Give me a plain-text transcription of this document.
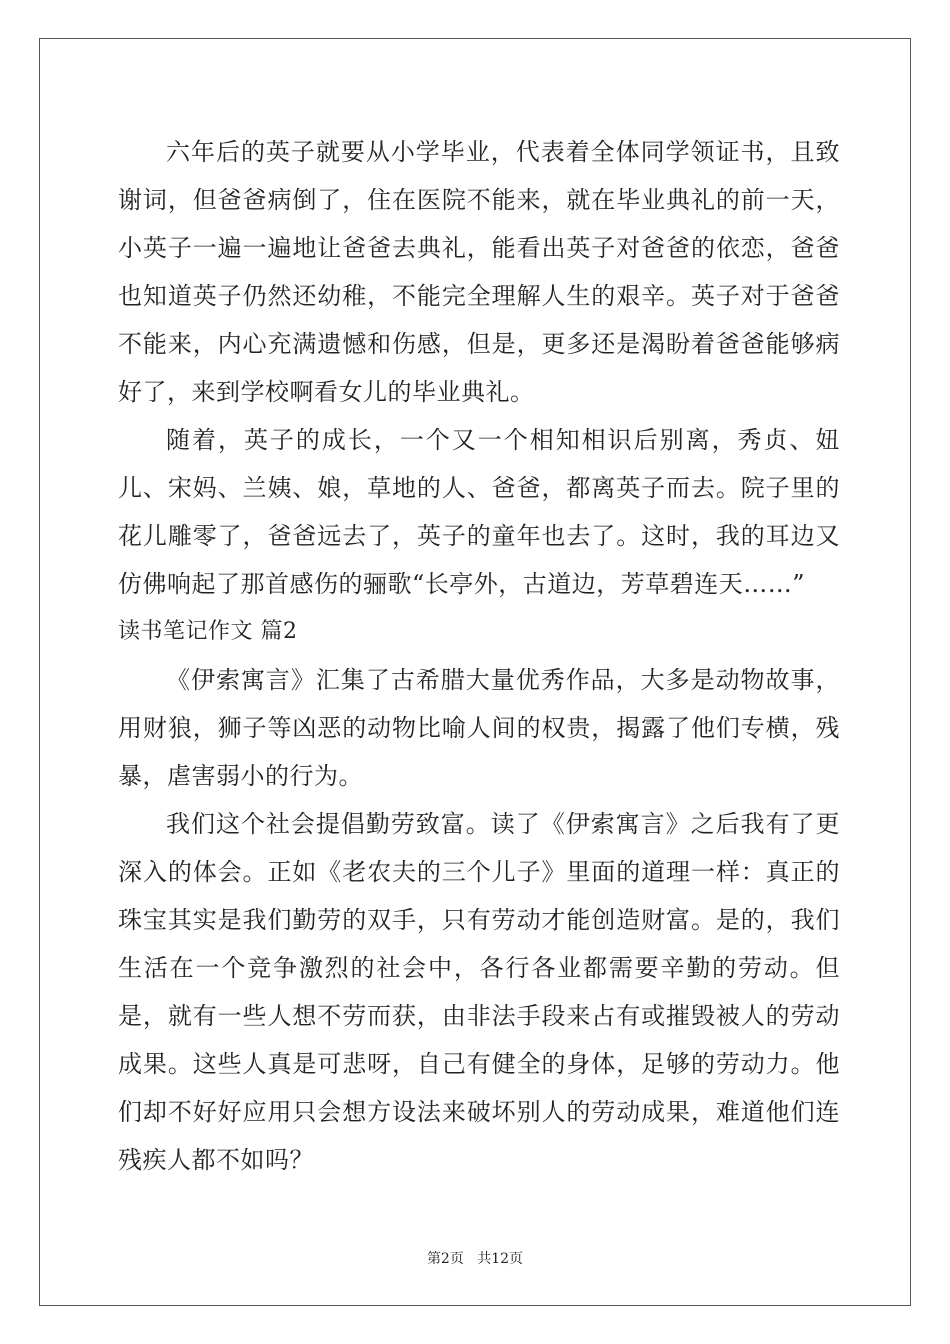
六年后的英子就要从小学毕业，代表着全体同学领证书，且致谢词，但爸爸病倒了，住在医院不能来，就在毕业典礼的前一天，小英子一遍一遍地让爸爸去典礼，能看出英子对爸爸的依恋，爸爸也知道英子仍然还幼稚，不能完全理解人生的艰辛。英子对于爸爸不能来，内心充满遗憾和伤感，但是，更多还是渴盼着爸爸能够病好了，来到学校啊看女儿的毕业典礼。

随着，英子的成长，一个又一个相知相识后别离，秀贞、妞儿、宋妈、兰姨、娘，草地的人、爸爸，都离英子而去。院子里的花儿雕零了，爸爸远去了，英子的童年也去了。这时，我的耳边又仿佛响起了那首感伤的骊歌“长亭外，古道边，芳草碧连天……”

读书笔记作文 篇2

《伊索寓言》汇集了古希腊大量优秀作品，大多是动物故事，用财狼，狮子等凶恶的动物比喻人间的权贵，揭露了他们专横，残暴，虐害弱小的行为。

我们这个社会提倡勤劳致富。读了《伊索寓言》之后我有了更深入的体会。正如《老农夫的三个儿子》里面的道理一样：真正的珠宝其实是我们勤劳的双手，只有劳动才能创造财富。是的，我们生活在一个竞争激烈的社会中，各行各业都需要辛勤的劳动。但是，就有一些人想不劳而获，由非法手段来占有或摧毁被人的劳动成果。这些人真是可悲呀，自己有健全的身体，足够的劳动力。他们却不好好应用只会想方设法来破坏别人的劳动成果，难道他们连残疾人都不如吗？

第2页 共12页
